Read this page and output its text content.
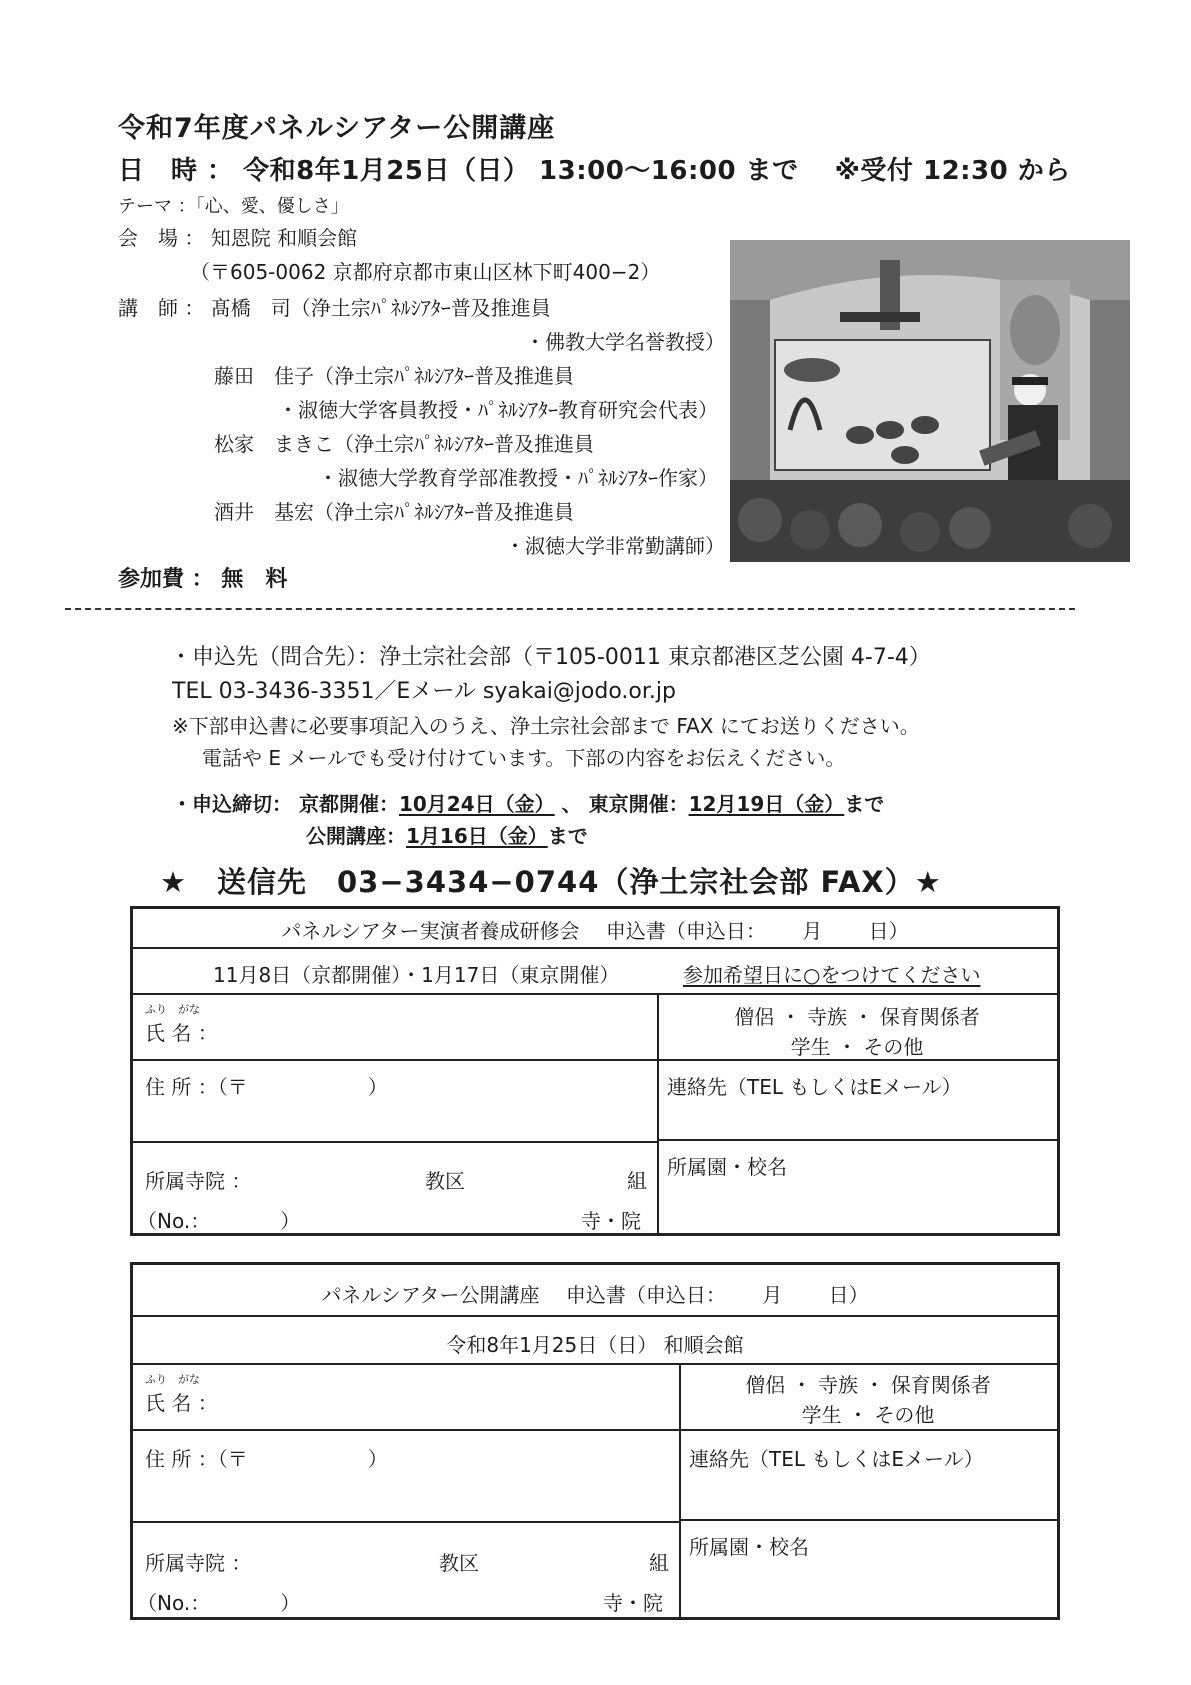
令和7年度パネルシアター公開講座
日　時 ： 令和8年1月25日（日） 13:00〜16:00 まで　 ※受付 12:30 から
テーマ ：「心、愛、優しさ」
会　場 ： 知恩院 和順会館
（〒605-0062 京都府京都市東山区林下町400−2）
講　師 ： 髙橋　司（浄土宗ﾊﾟﾈﾙｼｱﾀｰ普及推進員
・佛教大学名誉教授）
藤田　佳子（浄土宗ﾊﾟﾈﾙｼｱﾀｰ普及推進員
・淑徳大学客員教授・ﾊﾟﾈﾙｼｱﾀｰ教育研究会代表）
松家　まきこ（浄土宗ﾊﾟﾈﾙｼｱﾀｰ普及推進員
・淑徳大学教育学部准教授・ﾊﾟﾈﾙｼｱﾀｰ作家）
酒井　基宏（浄土宗ﾊﾟﾈﾙｼｱﾀｰ普及推進員
・淑徳大学非常勤講師）
参加費 ： 無　料
・申込先（問合先）：浄土宗社会部（〒105-0011 東京都港区芝公園 4-7-4）
TEL 03-3436-3351／Eメール syakai@jodo.or.jp
※下部申込書に必要事項記入のうえ、浄土宗社会部まで FAX にてお送りください。
電話や E メールでも受け付けています。下部の内容をお伝えください。
・申込締切： 京都開催：10月24日（金） 、 東京開催：12月19日（金）まで
公開講座：1月16日（金）まで
★　送信先　03−3434−0744（浄土宗社会部 FAX）★
パネルシアター実演者養成研修会　 申込書（申込日：　　 月　　 日）
11月8日（京都開催）・1月17日（東京開催）	参加希望日に○をつけてください
ふり　がな
氏 名 ：
僧侶 ・ 寺族 ・ 保育関係者
学生 ・ その他
住 所 ：（〒　　　　　　）	連絡先（TEL もしくはEメール）
所属寺院 ：	教区	組
所属園・校名
（No.：　　　　）	寺・院
パネルシアター公開講座　 申込書（申込日：　　 月　　 日）
令和8年1月25日（日） 和順会館
ふり　がな
氏 名 ：
僧侶 ・ 寺族 ・ 保育関係者
学生 ・ その他
住 所 ：（〒　　　　　　）	連絡先（TEL もしくはEメール）
所属寺院 ：	教区	組
所属園・校名
（No.：　　　　）	寺・院
